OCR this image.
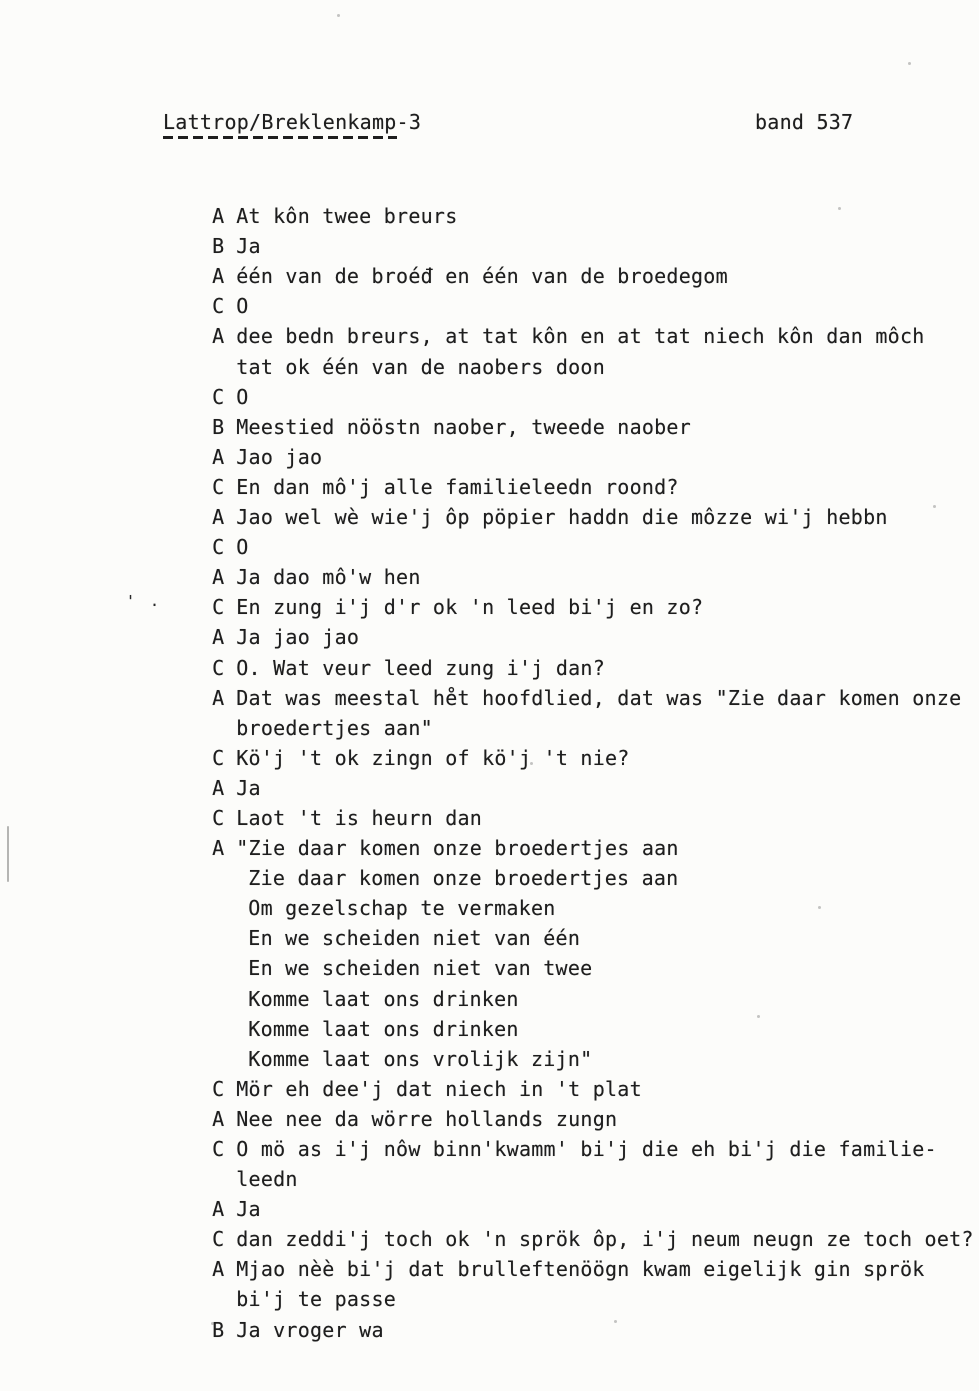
Lattrop/Breklenkamp-3	band 537

A At kôn twee breurs

B Ja

A één van de broéđ en één van de broedegom

C O

A dee bedn breurs, at tat kôn en at tat niech kôn dan môch

tat ok één van de naobers doon

C O

B Meestied nööstn naober, tweede naober

A Jao jao

C En dan mô'j alle familieleedn roond?

A Jao wel wè wie'j ôp pöpier haddn die môzze wi'j hebbn

C O

A Ja dao mô'w hen

C En zung i'j d'r ok 'n leed bi'j en zo?

A Ja jao jao

C O. Wat veur leed zung i'j dan?

A Dat was meestal he̊t hoofdlied, dat was "Zie daar komen onze

broedertjes aan"

C Kö'j 't ok zingn of kö'j 't nie?

A Ja

C Laot 't is heurn dan

A "Zie daar komen onze broedertjes aan

Zie daar komen onze broedertjes aan

Om gezelschap te vermaken

En we scheiden niet van één

En we scheiden niet van twee

Komme laat ons drinken

Komme laat ons drinken

Komme laat ons vrolijk zijn"

C Mör eh dee'j dat niech in 't plat

A Nee nee da wörre hollands zungn

C O mö as i'j nôw binn'kwamm' bi'j die eh bi'j die familie-

leedn

A Ja

C dan zeddi'j toch ok 'n sprök ôp, i'j neum neugn ze toch oet?

A Mjao nèè bi'j dat brulleftenöögn kwam eigelijk gin sprök

bi'j te passe

B Ja vroger wa

' .
